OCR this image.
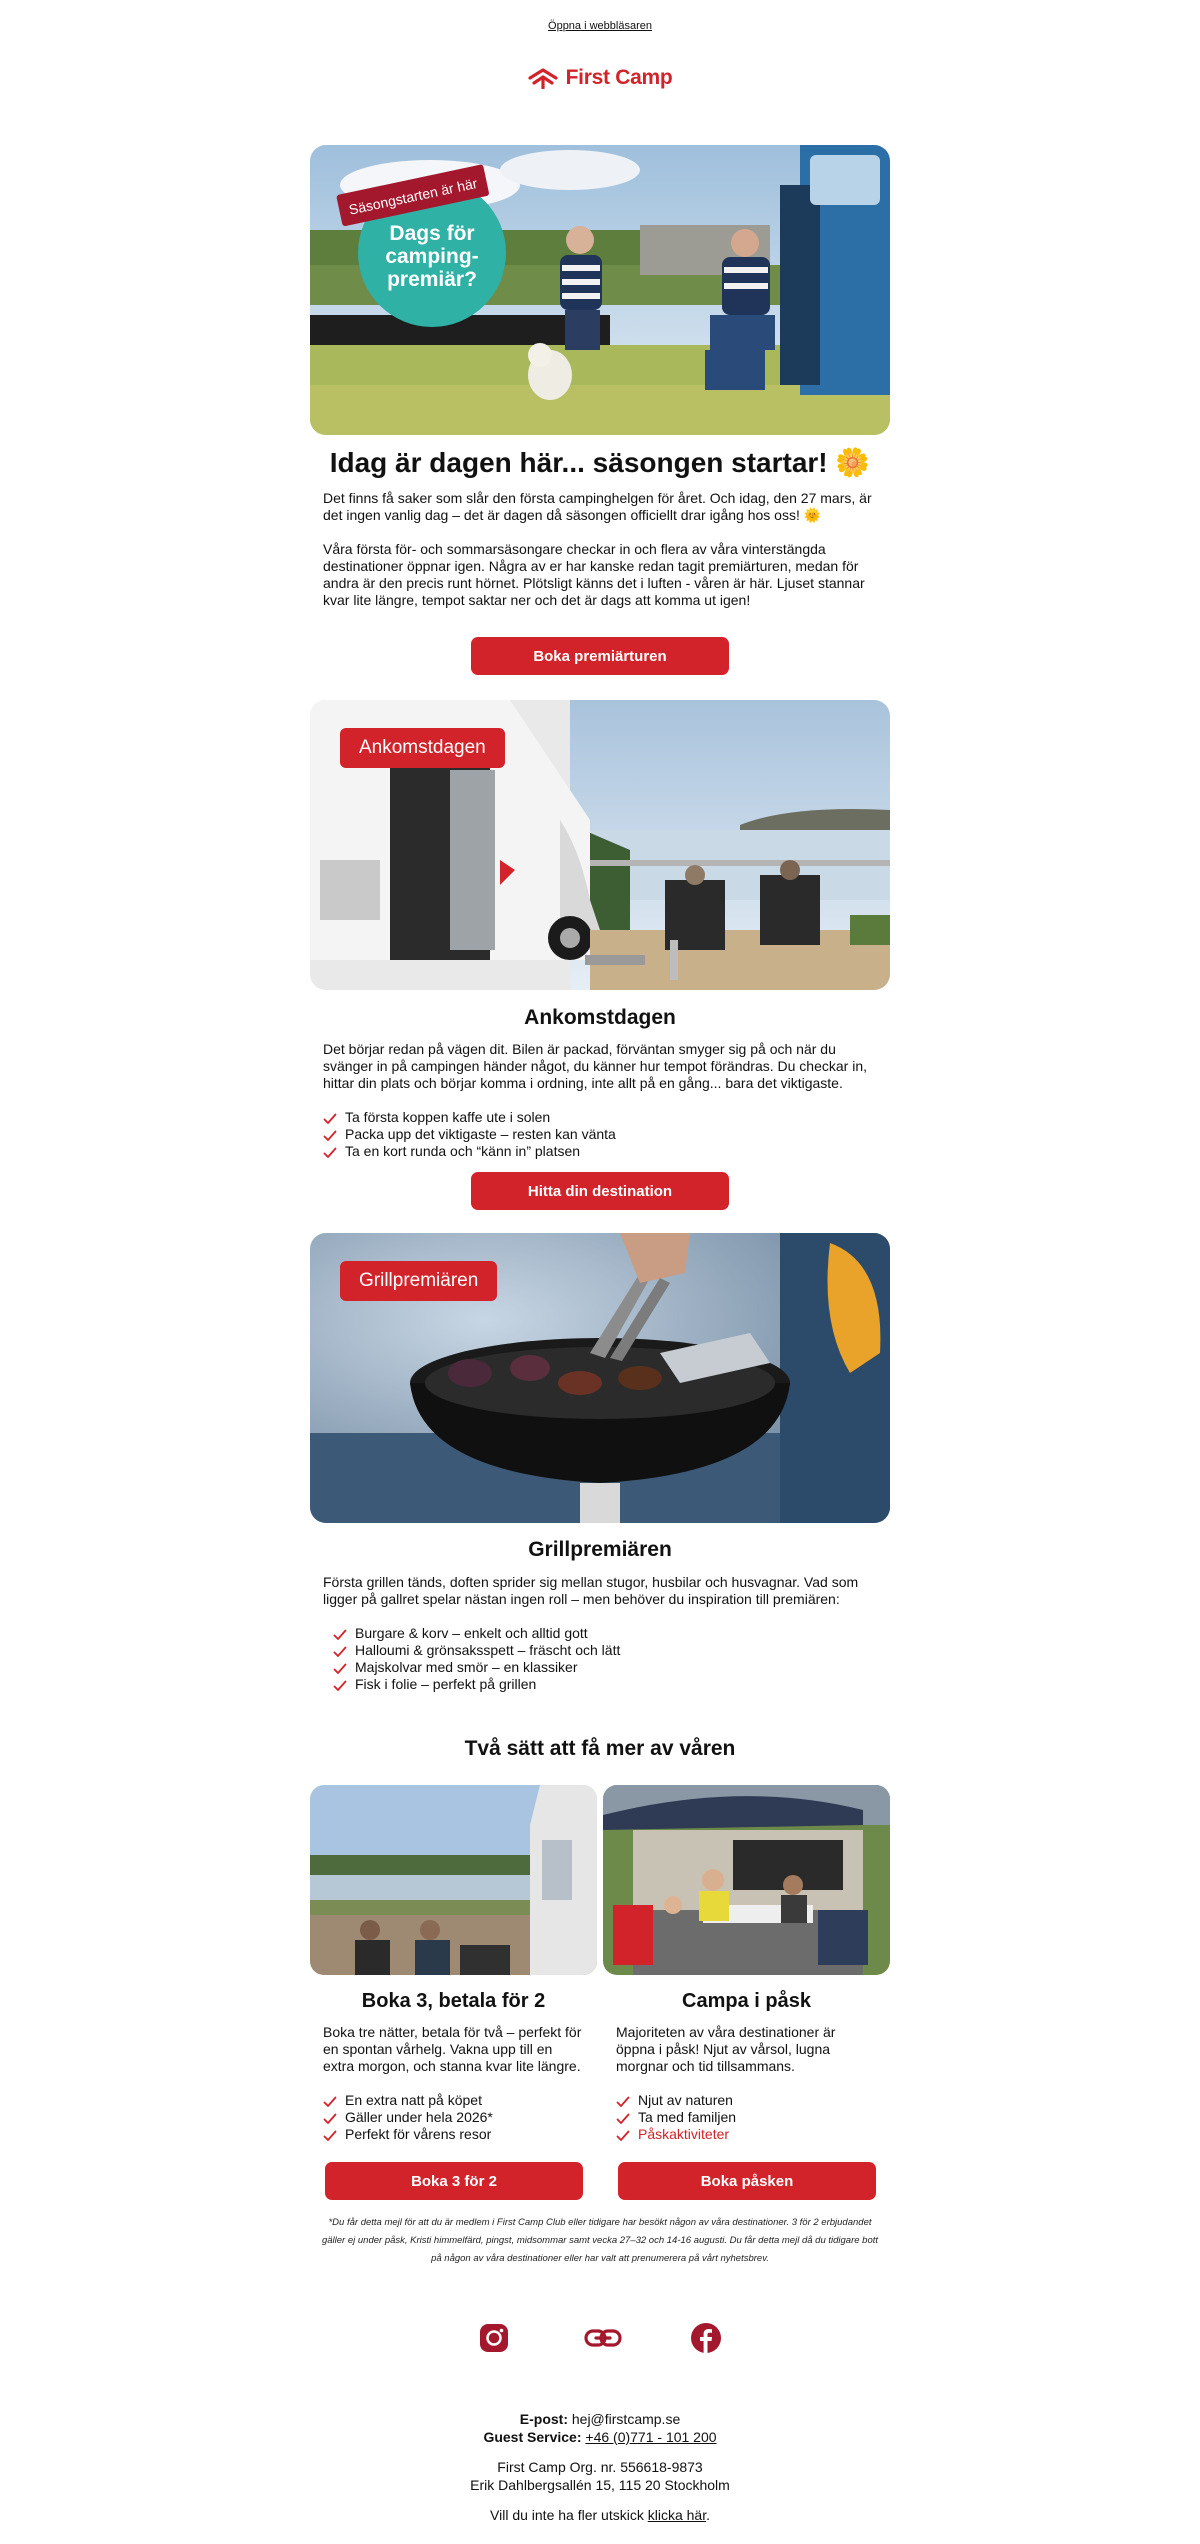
Öppna i webbläsaren
First Camp
Dags för
camping-
premiär?
Säsongstarten är här
Idag är dagen här... säsongen startar! 🌼

Det finns få saker som slår den första campinghelgen för året. Och idag, den 27 mars, är det ingen vanlig dag – det är dagen då säsongen officiellt drar igång hos oss! 🌞

Våra första för- och sommarsäsongare checkar in och flera av våra vinterstängda destinationer öppnar igen. Några av er har kanske redan tagit premiärturen, medan för andra är den precis runt hörnet. Plötsligt känns det i luften - våren är här. Ljuset stannar kvar lite längre, tempot saktar ner och det är dags att komma ut igen!

Boka premiärturen
Ankomstdagen
Ankomstdagen

Det börjar redan på vägen dit. Bilen är packad, förväntan smyger sig på och när du svänger in på campingen händer något, du känner hur tempot förändras. Du checkar in, hittar din plats och börjar komma i ordning, inte allt på en gång... bara det viktigaste.

Ta första koppen kaffe ute i solen
Packa upp det viktigaste – resten kan vänta
Ta en kort runda och “känn in” platsen
Hitta din destination
Grillpremiären
Grillpremiären

Första grillen tänds, doften sprider sig mellan stugor, husbilar och husvagnar. Vad som ligger på gallret spelar nästan ingen roll – men behöver du inspiration till premiären:

Burgare & korv – enkelt och alltid gott
Halloumi & grönsaksspett – fräscht och lätt
Majskolvar med smör – en klassiker
Fisk i folie – perfekt på grillen
Två sätt att få mer av våren
Boka 3, betala för 2

Boka tre nätter, betala för två – perfekt för en spontan vårhelg. Vakna upp till en extra morgon, och stanna kvar lite längre.

En extra natt på köpet
Gäller under hela 2026*
Perfekt för vårens resor
Campa i påsk

Majoriteten av våra destinationer är öppna i påsk! Njut av vårsol, lugna morgnar och tid tillsammans.

Njut av naturen
Ta med familjen
Påskaktiviteter
Boka 3 för 2	Boka påsken
*Du får detta mejl för att du är medlem i First Camp Club eller tidigare har besökt någon av våra destinationer. 3 för 2 erbjudandet gäller ej under påsk, Kristi himmelfärd, pingst, midsommar samt vecka 27–32 och 14-16 augusti. Du får detta mejl då du tidigare bott på någon av våra destinationer eller har valt att prenumerera på vårt nyhetsbrev.
E-post: hej@firstcamp.se
Guest Service: +46 (0)771 - 101 200
First Camp Org. nr. 556618-9873
Erik Dahlbergsallén 15, 115 20 Stockholm
Vill du inte ha fler utskick klicka här.
